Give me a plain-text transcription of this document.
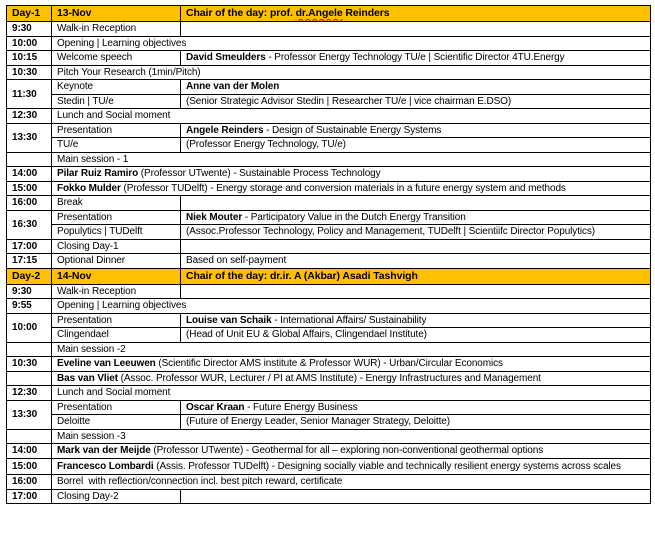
Day-1	13-Nov	Chair of the day: prof. dr.Angele Reinders
9:30	Walk-in Reception	
10:00	Opening | Learning objectives	
10:15	Welcome speech	David Smeulders - Professor Energy Technology TU/e | Scientific Director 4TU.Energy
10:30	Pitch Your Research (1min/Pitch)	
11:30	Keynote	Anne van der Molen
	Stedin | TU/e	(Senior Strategic Advisor Stedin | Researcher TU/e | vice chairman E.DSO)
12:30	Lunch and Social moment	
13:30	Presentation	Angele Reinders - Design of Sustainable Energy Systems
	TU/e	(Professor Energy Technology, TU/e)
	Main session - 1	
14:00	Pilar Ruiz Ramiro (Professor UTwente) - Sustainable Process Technology	
15:00	Fokko Mulder (Professor TUDelft) - Energy storage and conversion materials in a future energy system and methods	
16:00	Break	
16:30	Presentation	Niek Mouter - Participatory Value in the Dutch Energy Transition
	Populytics | TUDelft	(Assoc.Professor Technology, Policy and Management, TUDelft | Scientiifc Director Populytics)
17:00	Closing Day-1	
17:15	Optional Dinner	Based on self-payment
Day-2	14-Nov	Chair of the day: dr.ir. A (Akbar) Asadi Tashvigh
9:30	Walk-in Reception	
9:55	Opening | Learning objectives	
10:00	Presentation	Louise van Schaik - International Affairs/ Sustainability
	Clingendael	(Head of Unit EU & Global Affairs, Clingendael Institute)
	Main session -2	
10:30	Eveline van Leeuwen (Scientific Director AMS institute & Professor WUR) - Urban/Circular Economics	
	Bas van Vliet (Assoc. Professor WUR, Lecturer / PI at AMS Institute) - Energy Infrastructures and Management	
12:30	Lunch and Social moment	
13:30	Presentation	Oscar Kraan - Future Energy Business
	Deloitte	(Future of Energy Leader, Senior Manager Strategy, Deloitte)
	Main session -3	
14:00	Mark van der Meijde (Professor UTwente) - Geothermal for all – exploring non-conventional geothermal options	
15:00	Francesco Lombardi (Assis. Professor TUDelft) - Designing socially viable and technically resilient energy systems across scales	
16:00	Borrel  with reflection/connection incl. best pitch reward, certificate	
17:00	Closing Day-2	
